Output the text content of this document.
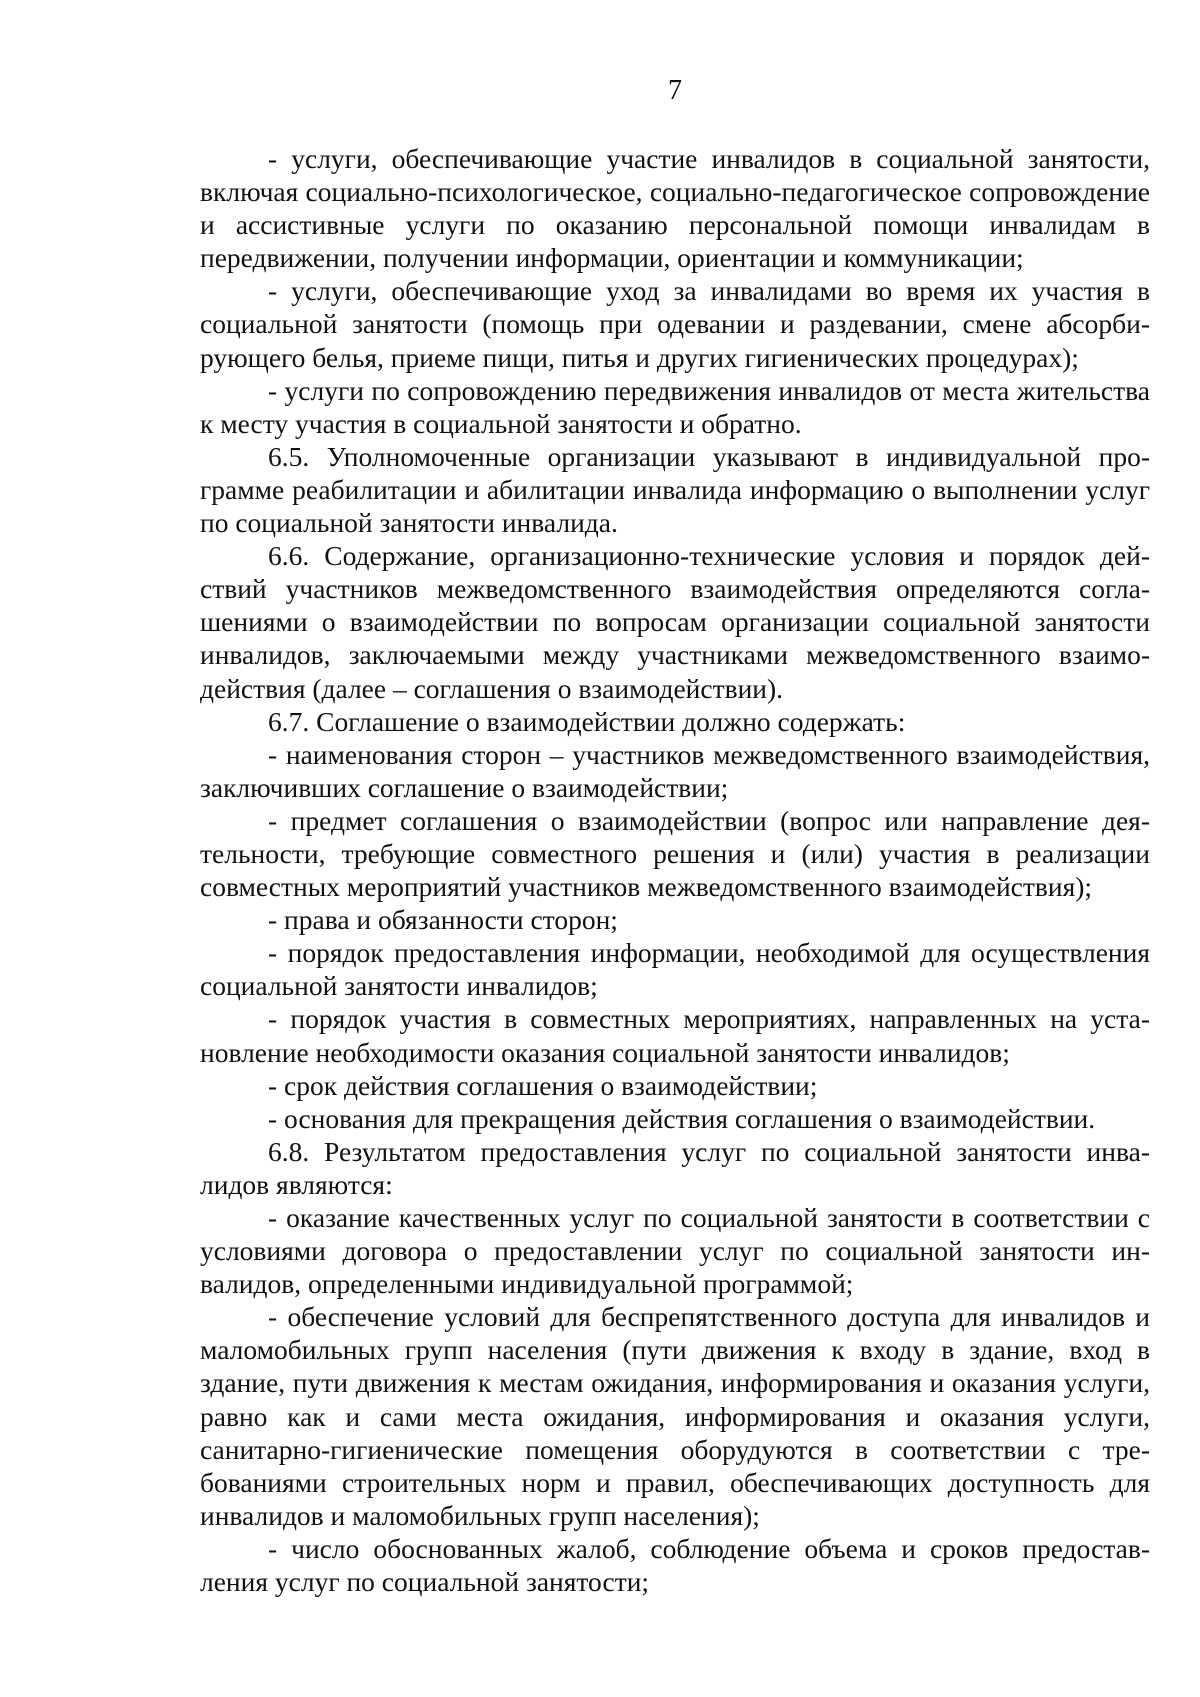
7

- услуги, обеспечивающие участие инвалидов в социальной занятости, включая социально-психологическое, социально-педагогическое сопровождение и ассистивные услуги по оказанию персональной помощи инвалидам в передвижении, получении информации, ориентации и коммуникации;

- услуги, обеспечивающие уход за инвалидами во время их участия в социальной занятости (помощь при одевании и раздевании, смене абсорбирующего белья, приеме пищи, питья и других гигиенических процедурах);

- услуги по сопровождению передвижения инвалидов от места жительства к месту участия в социальной занятости и обратно.

6.5. Уполномоченные организации указывают в индивидуальной программе реабилитации и абилитации инвалида информацию о выполнении услуг по социальной занятости инвалида.

6.6. Содержание, организационно-технические условия и порядок действий участников межведомственного взаимодействия определяются соглашениями о взаимодействии по вопросам организации социальной занятости инвалидов, заключаемыми между участниками межведомственного взаимодействия (далее – соглашения о взаимодействии).

6.7. Соглашение о взаимодействии должно содержать:

- наименования сторон – участников межведомственного взаимодействия, заключивших соглашение о взаимодействии;

- предмет соглашения о взаимодействии (вопрос или направление деятельности, требующие совместного решения и (или) участия в реализации совместных мероприятий участников межведомственного взаимодействия);

- права и обязанности сторон;

- порядок предоставления информации, необходимой для осуществления социальной занятости инвалидов;

- порядок участия в совместных мероприятиях, направленных на установление необходимости оказания социальной занятости инвалидов;

- срок действия соглашения о взаимодействии;

- основания для прекращения действия соглашения о взаимодействии.

6.8. Результатом предоставления услуг по социальной занятости инвалидов являются:

- оказание качественных услуг по социальной занятости в соответствии с условиями договора о предоставлении услуг по социальной занятости инвалидов, определенными индивидуальной программой;

- обеспечение условий для беспрепятственного доступа для инвалидов и маломобильных групп населения (пути движения к входу в здание, вход в здание, пути движения к местам ожидания, информирования и оказания услуги, равно как и сами места ожидания, информирования и оказания услуги, санитарно-гигиенические помещения оборудуются в соответствии с требованиями строительных норм и правил, обеспечивающих доступность для инвалидов и маломобильных групп населения);

- число обоснованных жалоб, соблюдение объема и сроков предоставления услуг по социальной занятости;
